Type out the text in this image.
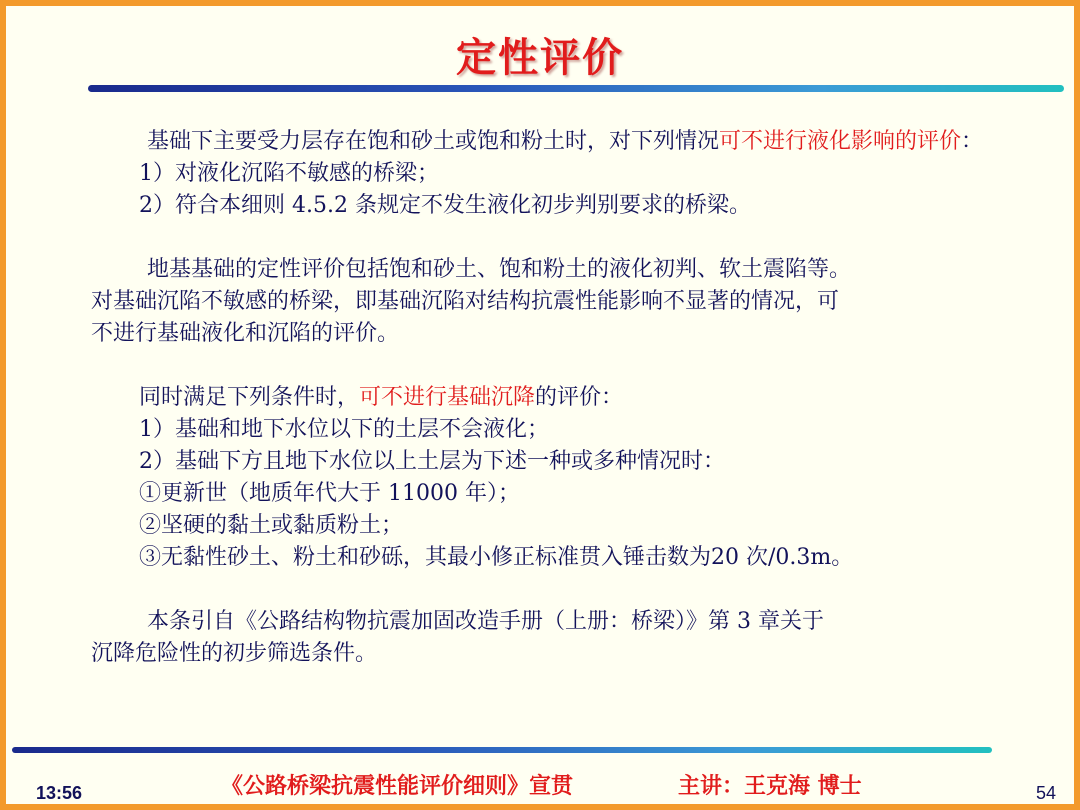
定性评价

基础下主要受力层存在饱和砂土或饱和粉土时，对下列情况可不进行液化影响的评价：

1）对液化沉陷不敏感的桥梁；

2）符合本细则 4.5.2 条规定不发生液化初步判别要求的桥梁。

地基基础的定性评价包括饱和砂土、饱和粉土的液化初判、软土震陷等。

对基础沉陷不敏感的桥梁，即基础沉陷对结构抗震性能影响不显著的情况，可

不进行基础液化和沉陷的评价。

同时满足下列条件时，可不进行基础沉降的评价：

1）基础和地下水位以下的土层不会液化；

2）基础下方且地下水位以上土层为下述一种或多种情况时：

①更新世（地质年代大于 11000 年）；

②坚硬的黏土或黏质粉土；

③无黏性砂土、粉土和砂砾，其最小修正标准贯入锤击数为20 次/0.3m。

本条引自《公路结构物抗震加固改造手册（上册：桥梁）》第 3 章关于

沉降危险性的初步筛选条件。

13:56	《公路桥梁抗震性能评价细则》宣贯	主讲：王克海 博士	54
